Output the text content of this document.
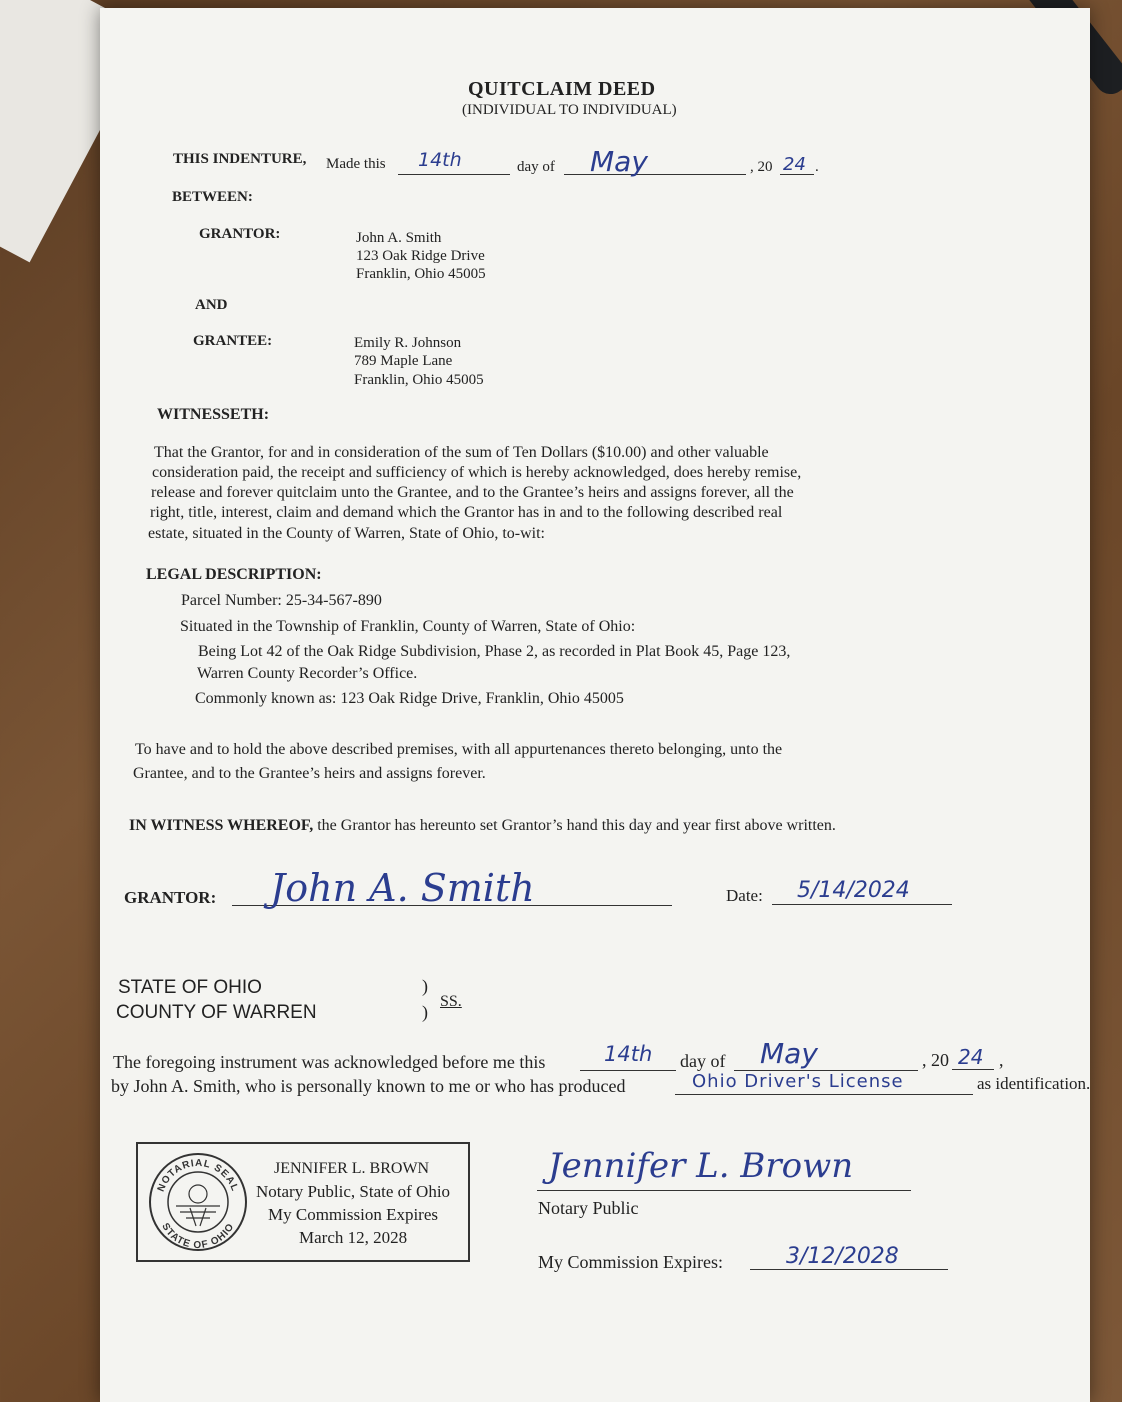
QUITCLAIM DEED
(INDIVIDUAL TO INDIVIDUAL)
THIS INDENTURE, Made this 14th	day of May	, 20 24 .
BETWEEN:
GRANTOR:	John A. Smith
123 Oak Ridge Drive
Franklin, Ohio 45005
AND
GRANTEE:	Emily R. Johnson
789 Maple Lane
Franklin, Ohio 45005
WITNESSETH:
That the Grantor, for and in consideration of the sum of Ten Dollars ($10.00) and other valuable
consideration paid, the receipt and sufficiency of which is hereby acknowledged, does hereby remise,
release and forever quitclaim unto the Grantee, and to the Grantee’s heirs and assigns forever, all the
right, title, interest, claim and demand which the Grantor has in and to the following described real
estate, situated in the County of Warren, State of Ohio, to-wit:
LEGAL DESCRIPTION:
Parcel Number: 25-34-567-890
Situated in the Township of Franklin, County of Warren, State of Ohio:
Being Lot 42 of the Oak Ridge Subdivision, Phase 2, as recorded in Plat Book 45, Page 123,
Warren County Recorder’s Office.
Commonly known as: 123 Oak Ridge Drive, Franklin, Ohio 45005
To have and to hold the above described premises, with all appurtenances thereto belonging, unto the
Grantee, and to the Grantee’s heirs and assigns forever.
IN WITNESS WHEREOF, the Grantor has hereunto set Grantor’s hand this day and year first above written.
GRANTOR: John A. Smith	Date: 5/14/2024
STATE OF OHIO
COUNTY OF WARREN
)
)
SS.
The foregoing instrument was acknowledged before me this	14th day of May	, 20 24 ,
by John A. Smith, who is personally known to me or who has produced	Ohio Driver's License	as identification.
NOTARIAL SEAL
STATE OF OHIO
JENNIFER L. BROWN
Notary Public, State of Ohio
My Commission Expires
March 12, 2028
Jennifer L. Brown
Notary Public
My Commission Expires:	3/12/2028
